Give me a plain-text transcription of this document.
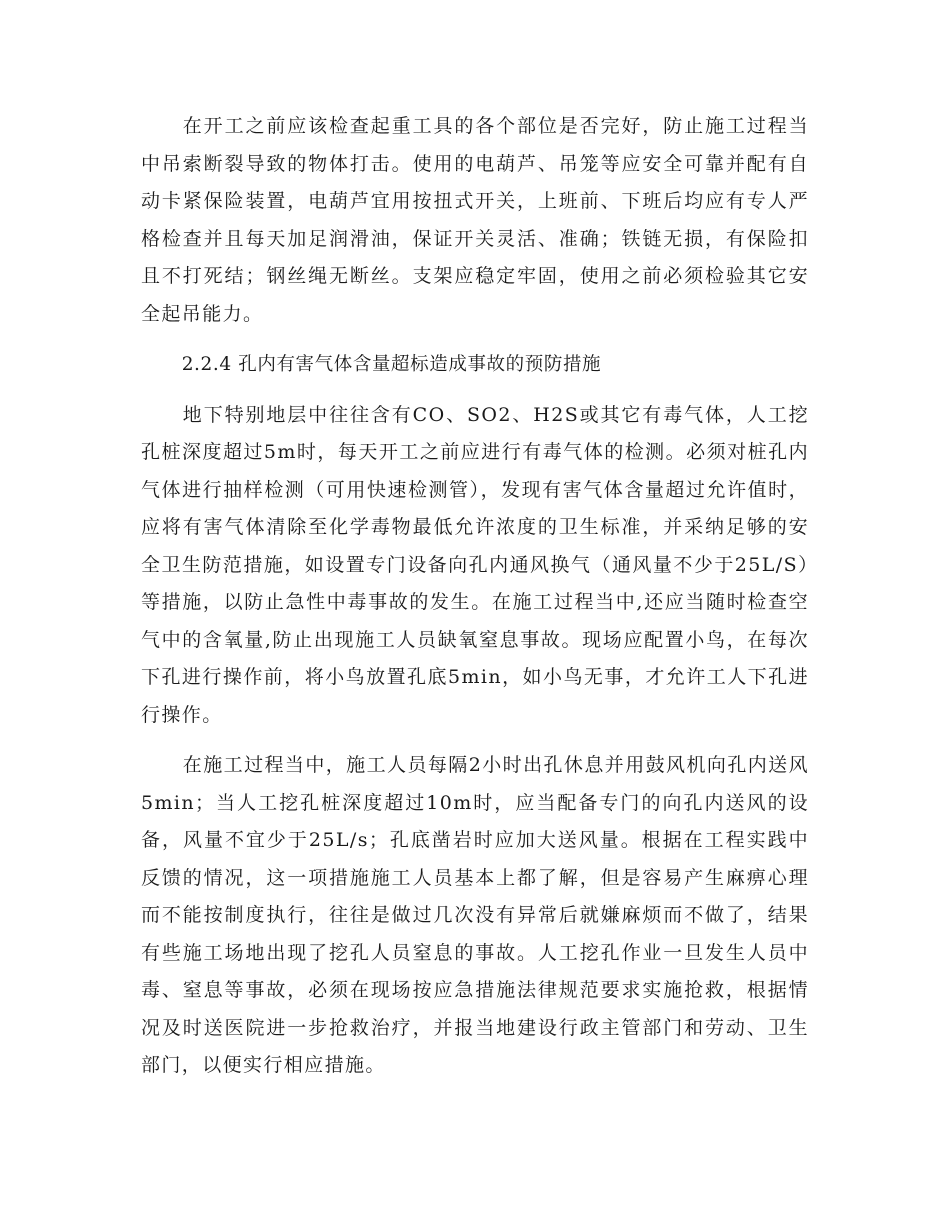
在开工之前应该检查起重工具的各个部位是否完好，防止施工过程当中吊索断裂导致的物体打击。使用的电葫芦、吊笼等应安全可靠并配有自动卡紧保险装置，电葫芦宜用按扭式开关，上班前、下班后均应有专人严格检查并且每天加足润滑油，保证开关灵活、准确；铁链无损，有保险扣且不打死结；钢丝绳无断丝。支架应稳定牢固，使用之前必须检验其它安全起吊能力。

2.2.4 孔内有害气体含量超标造成事故的预防措施

地下特别地层中往往含有CO、SO2、H2S或其它有毒气体，人工挖孔桩深度超过5m时，每天开工之前应进行有毒气体的检测。必须对桩孔内气体进行抽样检测（可用快速检测管），发现有害气体含量超过允许值时，应将有害气体清除至化学毒物最低允许浓度的卫生标准，并采纳足够的安全卫生防范措施，如设置专门设备向孔内通风换气（通风量不少于25L/S）等措施，以防止急性中毒事故的发生。在施工过程当中,还应当随时检查空气中的含氧量,防止出现施工人员缺氧窒息事故。现场应配置小鸟，在每次下孔进行操作前，将小鸟放置孔底5min，如小鸟无事，才允许工人下孔进行操作。

在施工过程当中，施工人员每隔2小时出孔休息并用鼓风机向孔内送风5min；当人工挖孔桩深度超过10m时，应当配备专门的向孔内送风的设备，风量不宜少于25L/s；孔底凿岩时应加大送风量。根据在工程实践中反馈的情况，这一项措施施工人员基本上都了解，但是容易产生麻痹心理而不能按制度执行，往往是做过几次没有异常后就嫌麻烦而不做了，结果有些施工场地出现了挖孔人员窒息的事故。人工挖孔作业一旦发生人员中毒、窒息等事故，必须在现场按应急措施法律规范要求实施抢救，根据情况及时送医院进一步抢救治疗，并报当地建设行政主管部门和劳动、卫生部门，以便实行相应措施。
